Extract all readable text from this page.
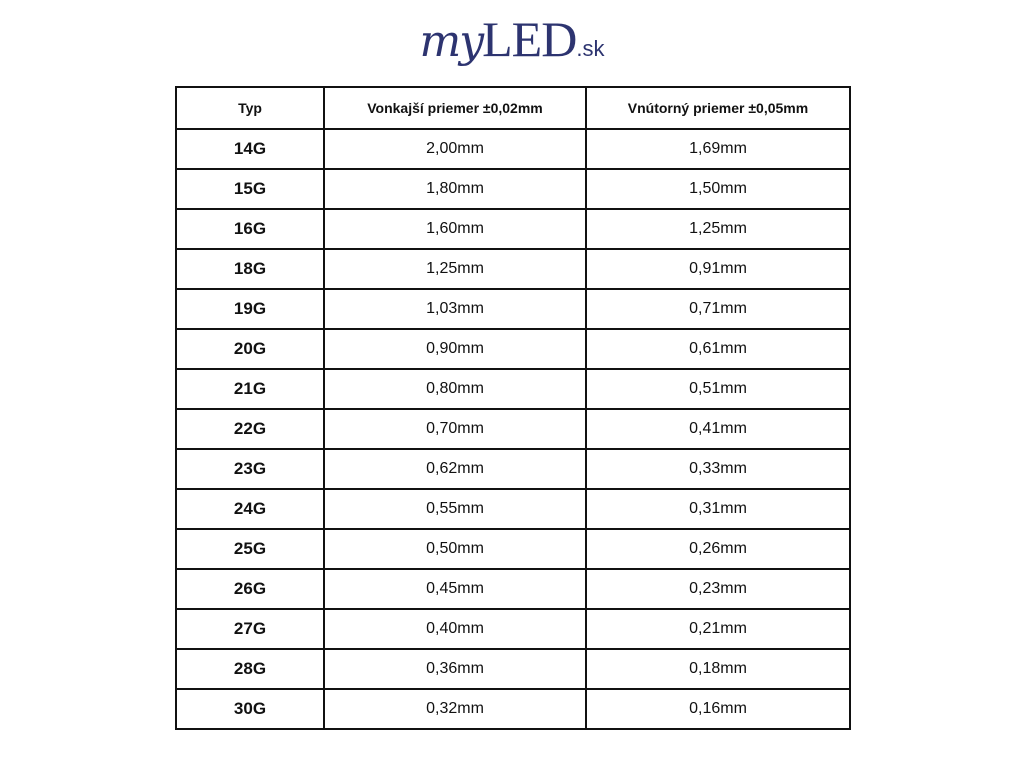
myLED.sk
Typ	Vonkajší priemer ±0,02mm	Vnútorný priemer ±0,05mm
14G	2,00mm	1,69mm
15G	1,80mm	1,50mm
16G	1,60mm	1,25mm
18G	1,25mm	0,91mm
19G	1,03mm	0,71mm
20G	0,90mm	0,61mm
21G	0,80mm	0,51mm
22G	0,70mm	0,41mm
23G	0,62mm	0,33mm
24G	0,55mm	0,31mm
25G	0,50mm	0,26mm
26G	0,45mm	0,23mm
27G	0,40mm	0,21mm
28G	0,36mm	0,18mm
30G	0,32mm	0,16mm
